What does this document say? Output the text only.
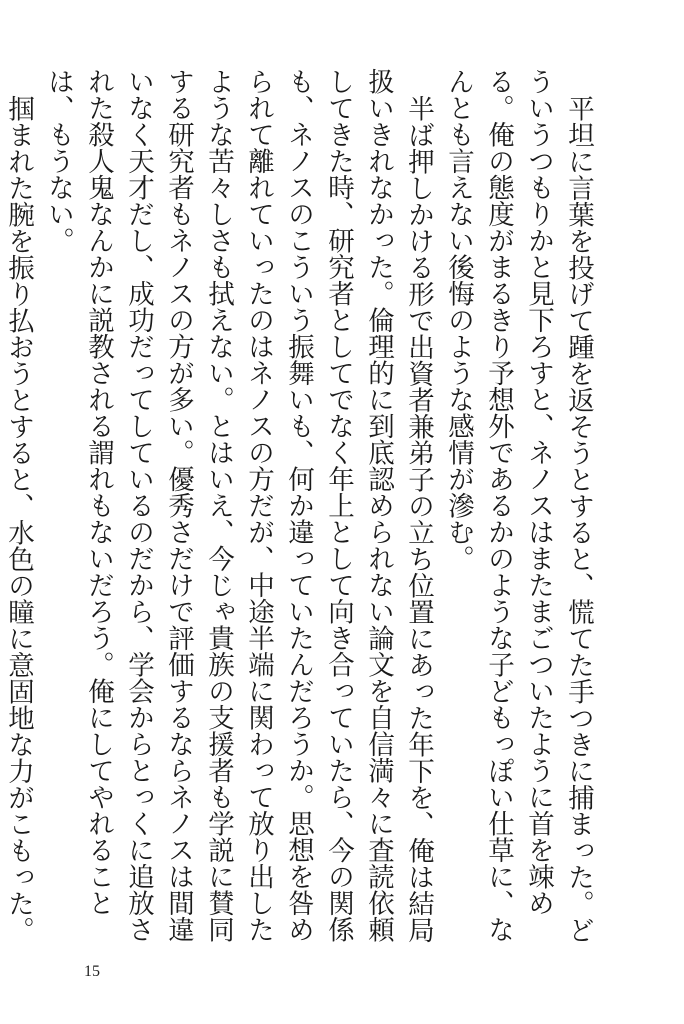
平坦に言葉を投げて踵を返そうとすると、慌てた手つきに捕まった。どういうつもりかと見下ろすと、ネノスはまたまごついたように首を竦める。俺の態度がまるきり予想外であるかのような子どもっぽい仕草に、なんとも言えない後悔のような感情が滲む。

半ば押しかける形で出資者兼弟子の立ち位置にあった年下を、俺は結局扱いきれなかった。倫理的に到底認められない論文を自信満々に査読依頼してきた時、研究者としてでなく年上として向き合っていたら、今の関係も、ネノスのこういう振舞いも、何か違っていたんだろうか。思想を咎められて離れていったのはネノスの方だが、中途半端に関わって放り出したような苦々しさも拭えない。とはいえ、今じゃ貴族の支援者も学説に賛同する研究者もネノスの方が多い。優秀さだけで評価するならネノスは間違いなく天才だし、成功だってしているのだから、学会からとっくに追放された殺人鬼なんかに説教される謂れもないだろう。俺にしてやれることは、もうない。

掴まれた腕を振り払おうとすると、水色の瞳に意固地な力がこもった。

15
